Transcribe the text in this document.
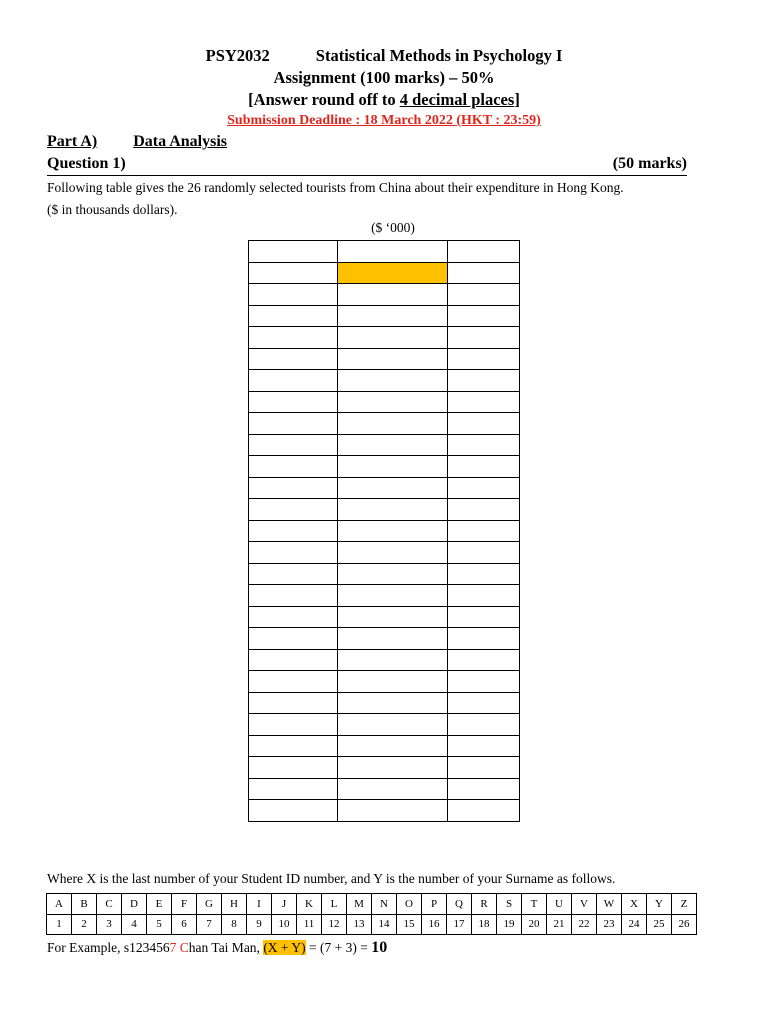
PSY2032	Statistical Methods in Psychology I
Assignment (100 marks) – 50%
[Answer round off to 4 decimal places]
Submission Deadline : 18 March 2022 (HKT : 23:59)
Part A) Data Analysis
Question 1)	(50 marks)
Following table gives the 26 randomly selected tourists from China about their expenditure in Hong Kong.
($ in thousands dollars).
($ ‘000)

Where X is the last number of your Student ID number, and Y is the number of your Surname as follows.
A	B	C	D	E	F	G	H	I	J	K	L	M	N	O	P	Q	R	S	T	U	V	W	X	Y	Z
1	2	3	4	5	6	7	8	9	10	11	12	13	14	15	16	17	18	19	20	21	22	23	24	25	26
For Example, s1234567 Chan Tai Man, (X + Y) = (7 + 3) = 10
